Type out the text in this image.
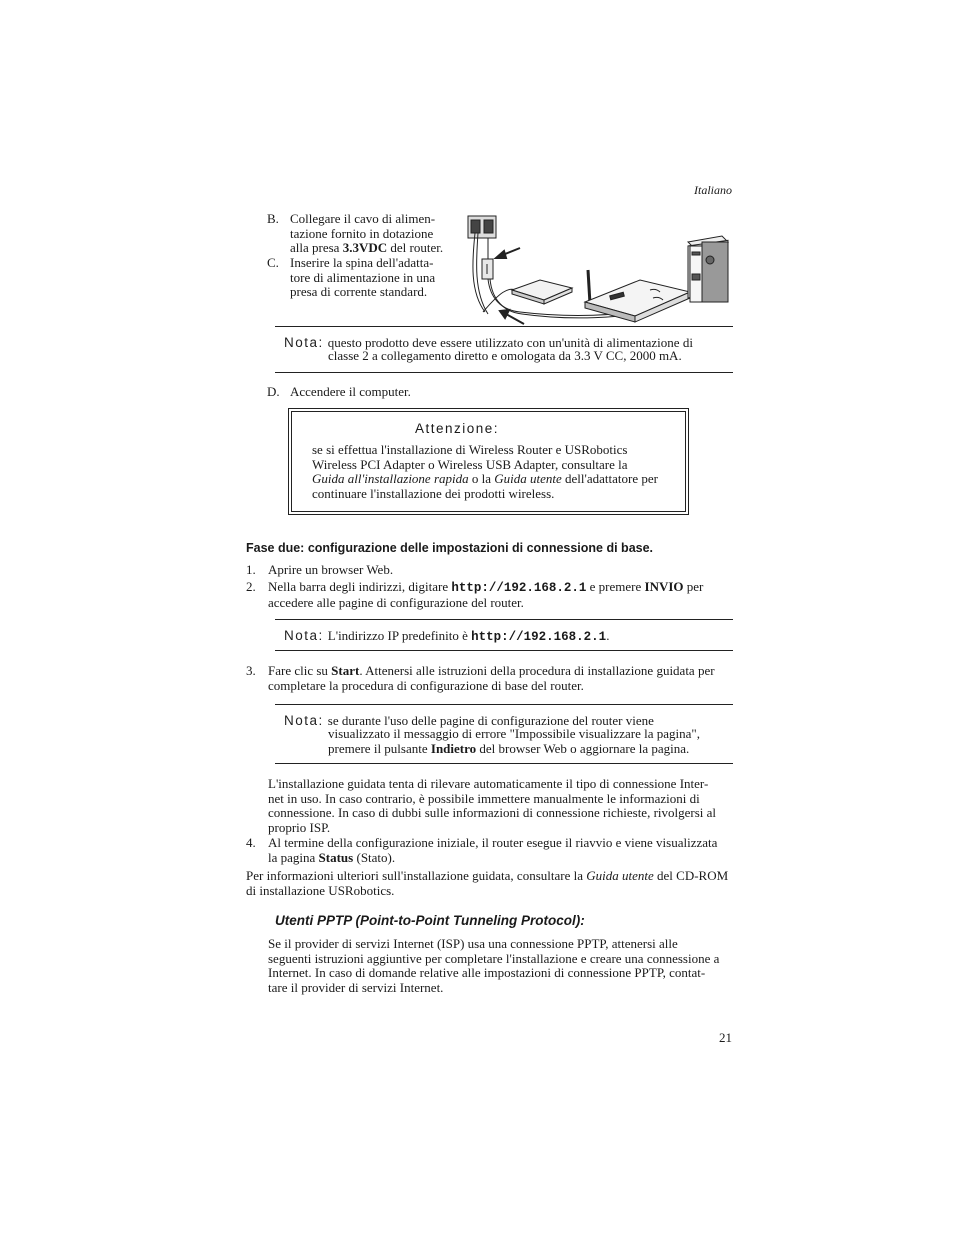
Italiano
B. Collegare il cavo di alimen-
tazione fornito in dotazione
alla presa 3.3VDC del router.
C. Inserire la spina dell'adatta-
tore di alimentazione in una
presa di corrente standard.
Nota: questo prodotto deve essere utilizzato con un'unità di alimentazione di
classe 2 a collegamento diretto e omologata da 3.3 V CC, 2000 mA.
D. Accendere il computer.
Attenzione:
se si effettua l'installazione di Wireless Router e USRobotics
Wireless PCI Adapter o Wireless USB Adapter, consultare la
Guida all'installazione rapida o la Guida utente dell'adattatore per
continuare l'installazione dei prodotti wireless.
Fase due: configurazione delle impostazioni di connessione di base.
1. Aprire un browser Web.
2. Nella barra degli indirizzi, digitare http://192.168.2.1 e premere INVIO per
accedere alle pagine di configurazione del router.
Nota: L'indirizzo IP predefinito è http://192.168.2.1.
3. Fare clic su Start. Attenersi alle istruzioni della procedura di installazione guidata per
completare la procedura di configurazione di base del router.
Nota: se durante l'uso delle pagine di configurazione del router viene
visualizzato il messaggio di errore "Impossibile visualizzare la pagina",
premere il pulsante Indietro del browser Web o aggiornare la pagina.
L'installazione guidata tenta di rilevare automaticamente il tipo di connessione Inter-
net in uso. In caso contrario, è possibile immettere manualmente le informazioni di
connessione. In caso di dubbi sulle informazioni di connessione richieste, rivolgersi al
proprio ISP.
4. Al termine della configurazione iniziale, il router esegue il riavvio e viene visualizzata
la pagina Status (Stato).
Per informazioni ulteriori sull'installazione guidata, consultare la Guida utente del CD-ROM
di installazione USRobotics.
Utenti PPTP (Point-to-Point Tunneling Protocol):
Se il provider di servizi Internet (ISP) usa una connessione PPTP, attenersi alle
seguenti istruzioni aggiuntive per completare l'installazione e creare una connessione a
Internet. In caso di domande relative alle impostazioni di connessione PPTP, contat-
tare il provider di servizi Internet.
21
